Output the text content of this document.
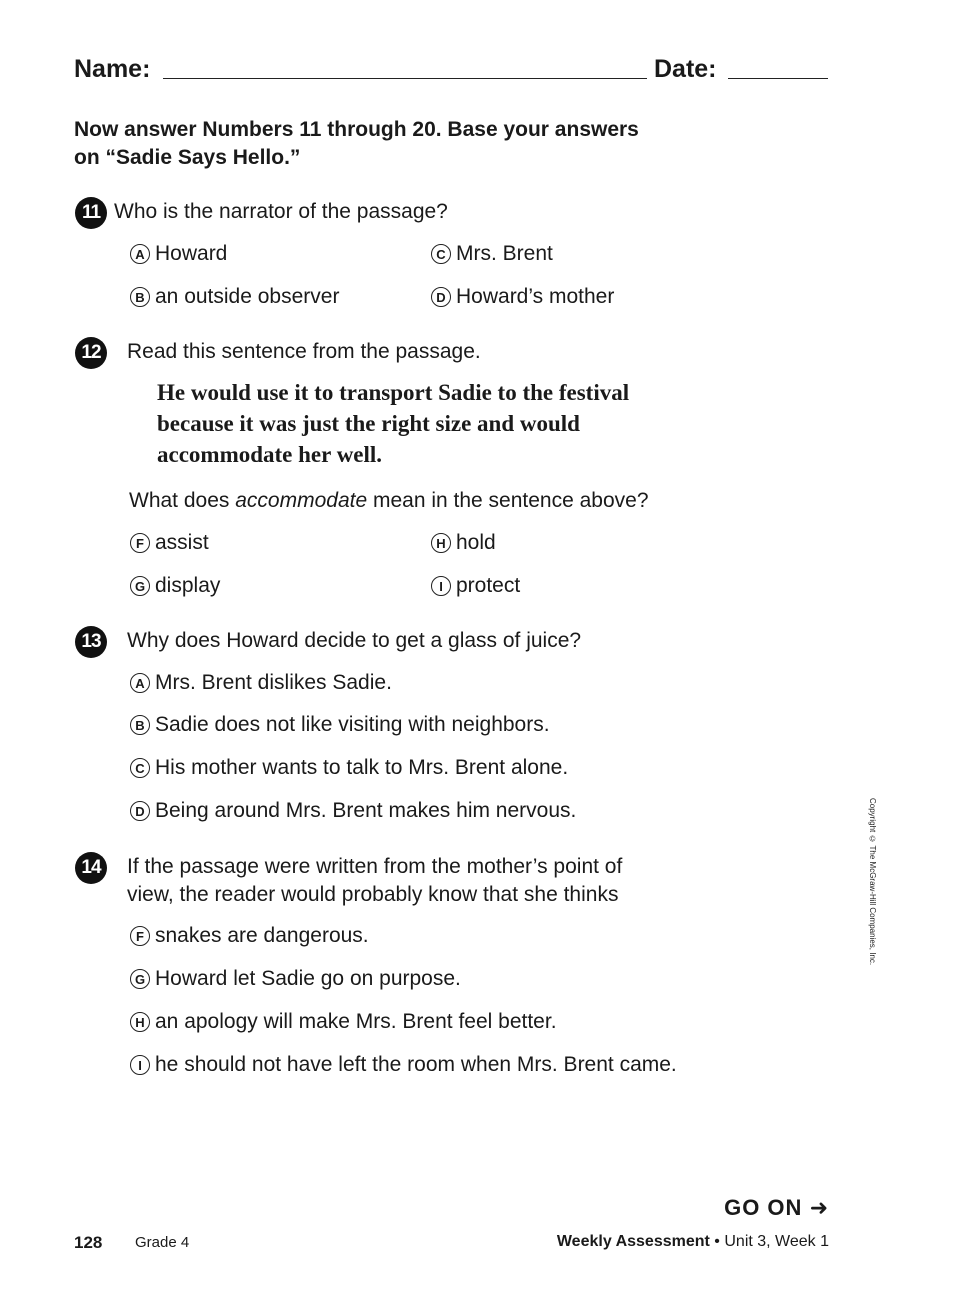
Name:	Date:
Now answer Numbers 11 through 20. Base your answers
on “Sadie Says Hello.”
11 Who is the narrator of the passage?
A Howard
B an outside observer
C Mrs. Brent
D Howard’s mother
12	Read this sentence from the passage.
He would use it to transport Sadie to the festival
because it was just the right size and would
accommodate her well.
What does accommodate mean in the sentence above?
F assist
G display
H hold
I protect
13	Why does Howard decide to get a glass of juice?
A Mrs. Brent dislikes Sadie.
B Sadie does not like visiting with neighbors.
C His mother wants to talk to Mrs. Brent alone.
D Being around Mrs. Brent makes him nervous.
14	If the passage were written from the mother’s point of
view, the reader would probably know that she thinks
F snakes are dangerous.
G Howard let Sadie go on purpose.
H an apology will make Mrs. Brent feel better.
I he should not have left the room when Mrs. Brent came.
Copyright © The McGraw-Hill Companies, Inc.
GO ON ➜
128 Grade 4	Weekly Assessment • Unit 3, Week 1
